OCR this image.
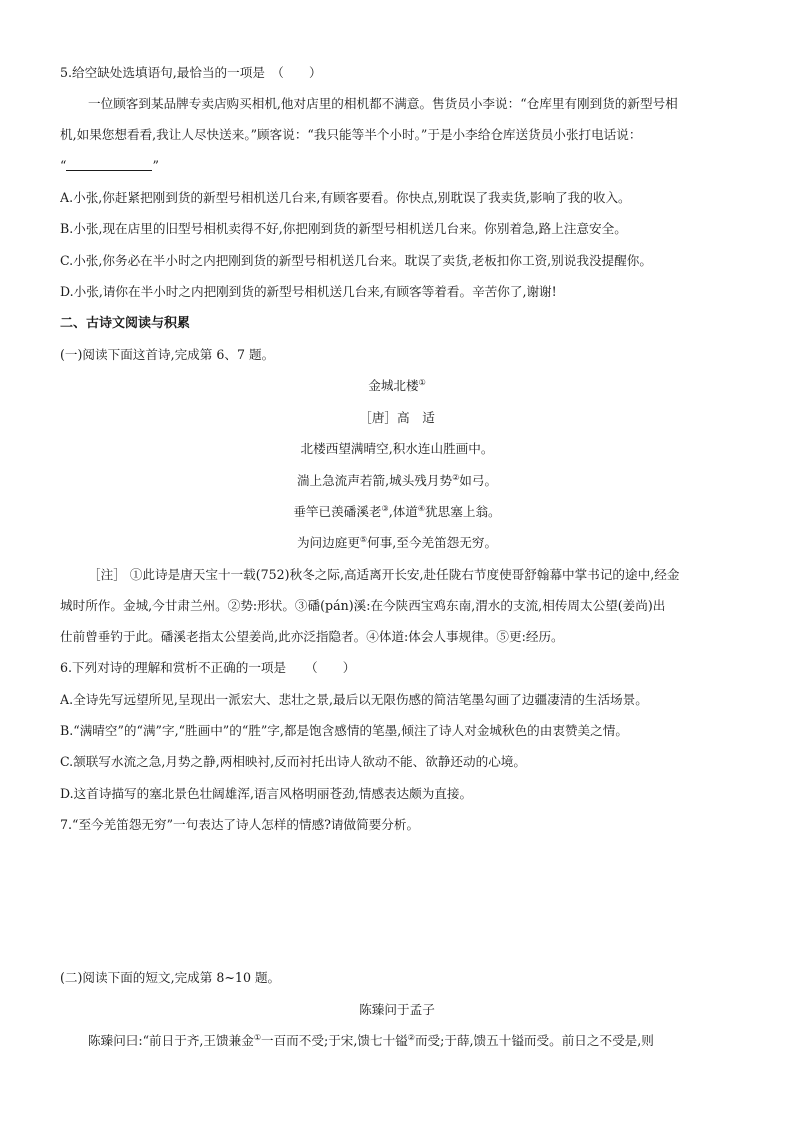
5.给空缺处选填语句,最恰当的一项是　（　　）
一位顾客到某品牌专卖店购买相机,他对店里的相机都不满意。售货员小李说：“仓库里有刚到货的新型号相
机,如果您想看看,我让人尽快送来。”顾客说：“我只能等半个小时。”于是小李给仓库送货员小张打电话说：
“	”
A.小张,你赶紧把刚到货的新型号相机送几台来,有顾客要看。你快点,别耽误了我卖货,影响了我的收入。
B.小张,现在店里的旧型号相机卖得不好,你把刚到货的新型号相机送几台来。你别着急,路上注意安全。
C.小张,你务必在半小时之内把刚到货的新型号相机送几台来。耽误了卖货,老板扣你工资,别说我没提醒你。
D.小张,请你在半小时之内把刚到货的新型号相机送几台来,有顾客等着看。辛苦你了,谢谢!
二、古诗文阅读与积累
(一)阅读下面这首诗,完成第 6、7 题。
金城北楼①
［唐］高　适
北楼西望满晴空,积水连山胜画中。
湍上急流声若箭,城头残月势②如弓。
垂竿已羡磻溪老③,体道④犹思塞上翁。
为问边庭更⑤何事,至今羌笛怨无穷。
［注］ ①此诗是唐天宝十一载(752)秋冬之际,高适离开长安,赴任陇右节度使哥舒翰幕中掌书记的途中,经金
城时所作。金城,今甘肃兰州。②势:形状。③磻(pán)溪:在今陕西宝鸡东南,渭水的支流,相传周太公望(姜尚)出
仕前曾垂钓于此。磻溪老指太公望姜尚,此亦泛指隐者。④体道:体会人事规律。⑤更:经历。
6.下列对诗的理解和赏析不正确的一项是　　（　　）
A.全诗先写远望所见,呈现出一派宏大、悲壮之景,最后以无限伤感的简洁笔墨勾画了边疆凄清的生活场景。
B.“满晴空”的“满”字,“胜画中”的“胜”字,都是饱含感情的笔墨,倾注了诗人对金城秋色的由衷赞美之情。
C.颔联写水流之急,月势之静,两相映衬,反而衬托出诗人欲动不能、欲静还动的心境。
D.这首诗描写的塞北景色壮阔雄浑,语言风格明丽苍劲,情感表达颇为直接。
7.“至今羌笛怨无穷”一句表达了诗人怎样的情感?请做简要分析。
(二)阅读下面的短文,完成第 8~10 题。
陈臻问于孟子
陈臻问曰:“前日于齐,王馈兼金①一百而不受;于宋,馈七十镒②而受;于薛,馈五十镒而受。前日之不受是,则
